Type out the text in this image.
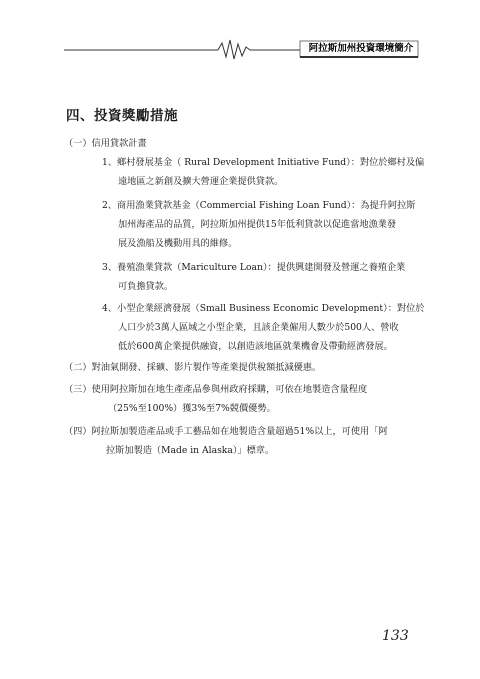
阿拉斯加州投資環境簡介
四、投資獎勵措施
（一）信用貸款計畫
1、鄉村發展基金（ Rural Development Initiative Fund）：對位於鄉村及偏
遠地區之新創及擴大營運企業提供貸款。
2、商用漁業貸款基金（Commercial Fishing Loan Fund）：為提升阿拉斯
加州海產品的品質，阿拉斯加州提供15年低利貸款以促進當地漁業發
展及漁船及機動用具的維修。
3、養殖漁業貸款（Mariculture Loan）：提供興建開發及營運之養殖企業
可負擔貸款。
4、小型企業經濟發展（Small Business Economic Development）：對位於
人口少於3萬人區域之小型企業，且該企業僱用人數少於500人、營收
低於600萬企業提供融資，以創造該地區就業機會及帶動經濟發展。
（二）對油氣開發、採礦、影片製作等產業提供稅額抵減優惠。
（三）使用阿拉斯加在地生產產品參與州政府採購，可依在地製造含量程度
（25%至100%）獲3%至7%競價優勢。
（四）阿拉斯加製造產品或手工藝品如在地製造含量超過51%以上，可使用「阿
拉斯加製造（Made in Alaska）」標章。
133
